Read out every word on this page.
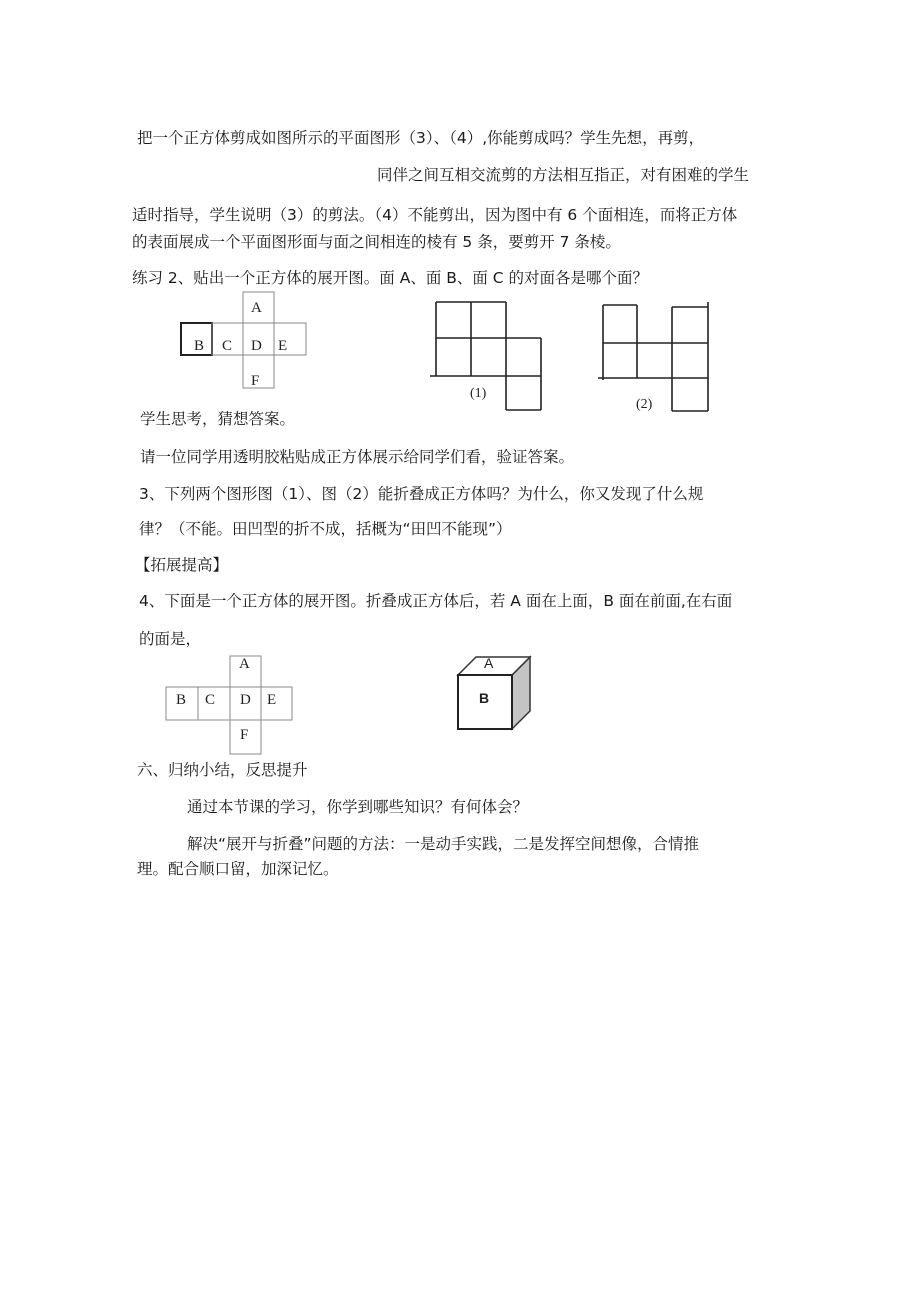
把一个正方体剪成如图所示的平面图形（3）、（4）,你能剪成吗？学生先想，再剪，
同伴之间互相交流剪的方法相互指正，对有困难的学生
适时指导，学生说明（3）的剪法。（4）不能剪出，因为图中有 6 个面相连，而将正方体
的表面展成一个平面图形面与面之间相连的棱有 5 条，要剪开 7 条棱。
练习 2、贴出一个正方体的展开图。面 A、面 B、面 C 的对面各是哪个面？
A
B C D E
F
(1)
(2)
学生思考，猜想答案。
请一位同学用透明胶粘贴成正方体展示给同学们看，验证答案。
3、下列两个图形图（1）、图（2）能折叠成正方体吗？为什么，你又发现了什么规
律？（不能。田凹型的折不成，括概为“田凹不能现”）
【拓展提高】
4、下面是一个正方体的展开图。折叠成正方体后，若 A 面在上面，B 面在前面,在右面
的面是，
A
B C D E
F
A
B
六、归纳小结，反思提升
通过本节课的学习，你学到哪些知识？有何体会？
解决“展开与折叠”问题的方法：一是动手实践，二是发挥空间想像，合情推
理。配合顺口留，加深记忆。
